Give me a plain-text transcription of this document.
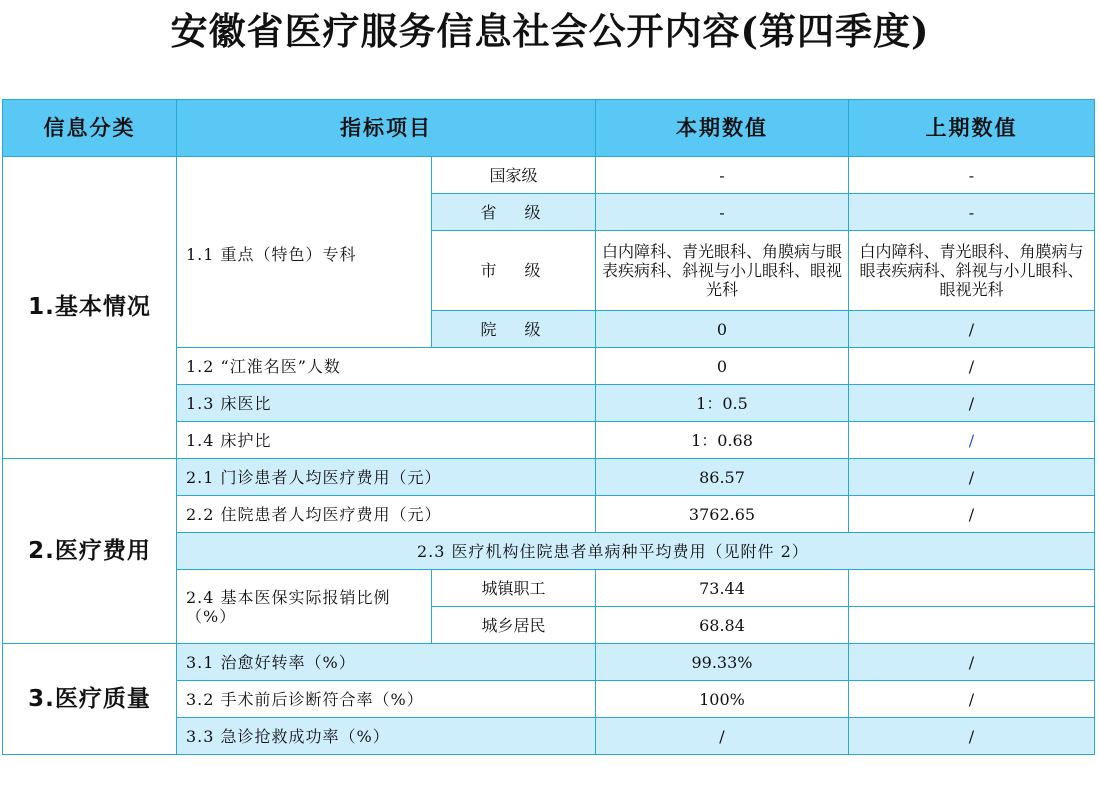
安徽省医疗服务信息社会公开内容(第四季度)
信息分类	指标项目		本期数值	上期数值
1.基本情况	1.1 重点（特色）专科	国家级	-	-
		省　级	-	-
		市　级	白内障科、青光眼科、角膜病与眼表疾病科、斜视与小儿眼科、眼视光科	白内障科、青光眼科、角膜病与眼表疾病科、斜视与小儿眼科、眼视光科
		院　级	0	/
	1.2 “江淮名医”人数		0	/
	1.3 床医比		1：0.5	/
	1.4 床护比		1：0.68	/
2.医疗费用	2.1 门诊患者人均医疗费用（元）		86.57	/
	2.2 住院患者人均医疗费用（元）		3762.65	/
	2.3 医疗机构住院患者单病种平均费用（见附件 2）			
	2.4 基本医保实际报销比例（%）	城镇职工	73.44	
		城乡居民	68.84	
3.医疗质量	3.1 治愈好转率（%）		99.33%	/
	3.2 手术前后诊断符合率（%）		100%	/
	3.3 急诊抢救成功率（%）		/	/
